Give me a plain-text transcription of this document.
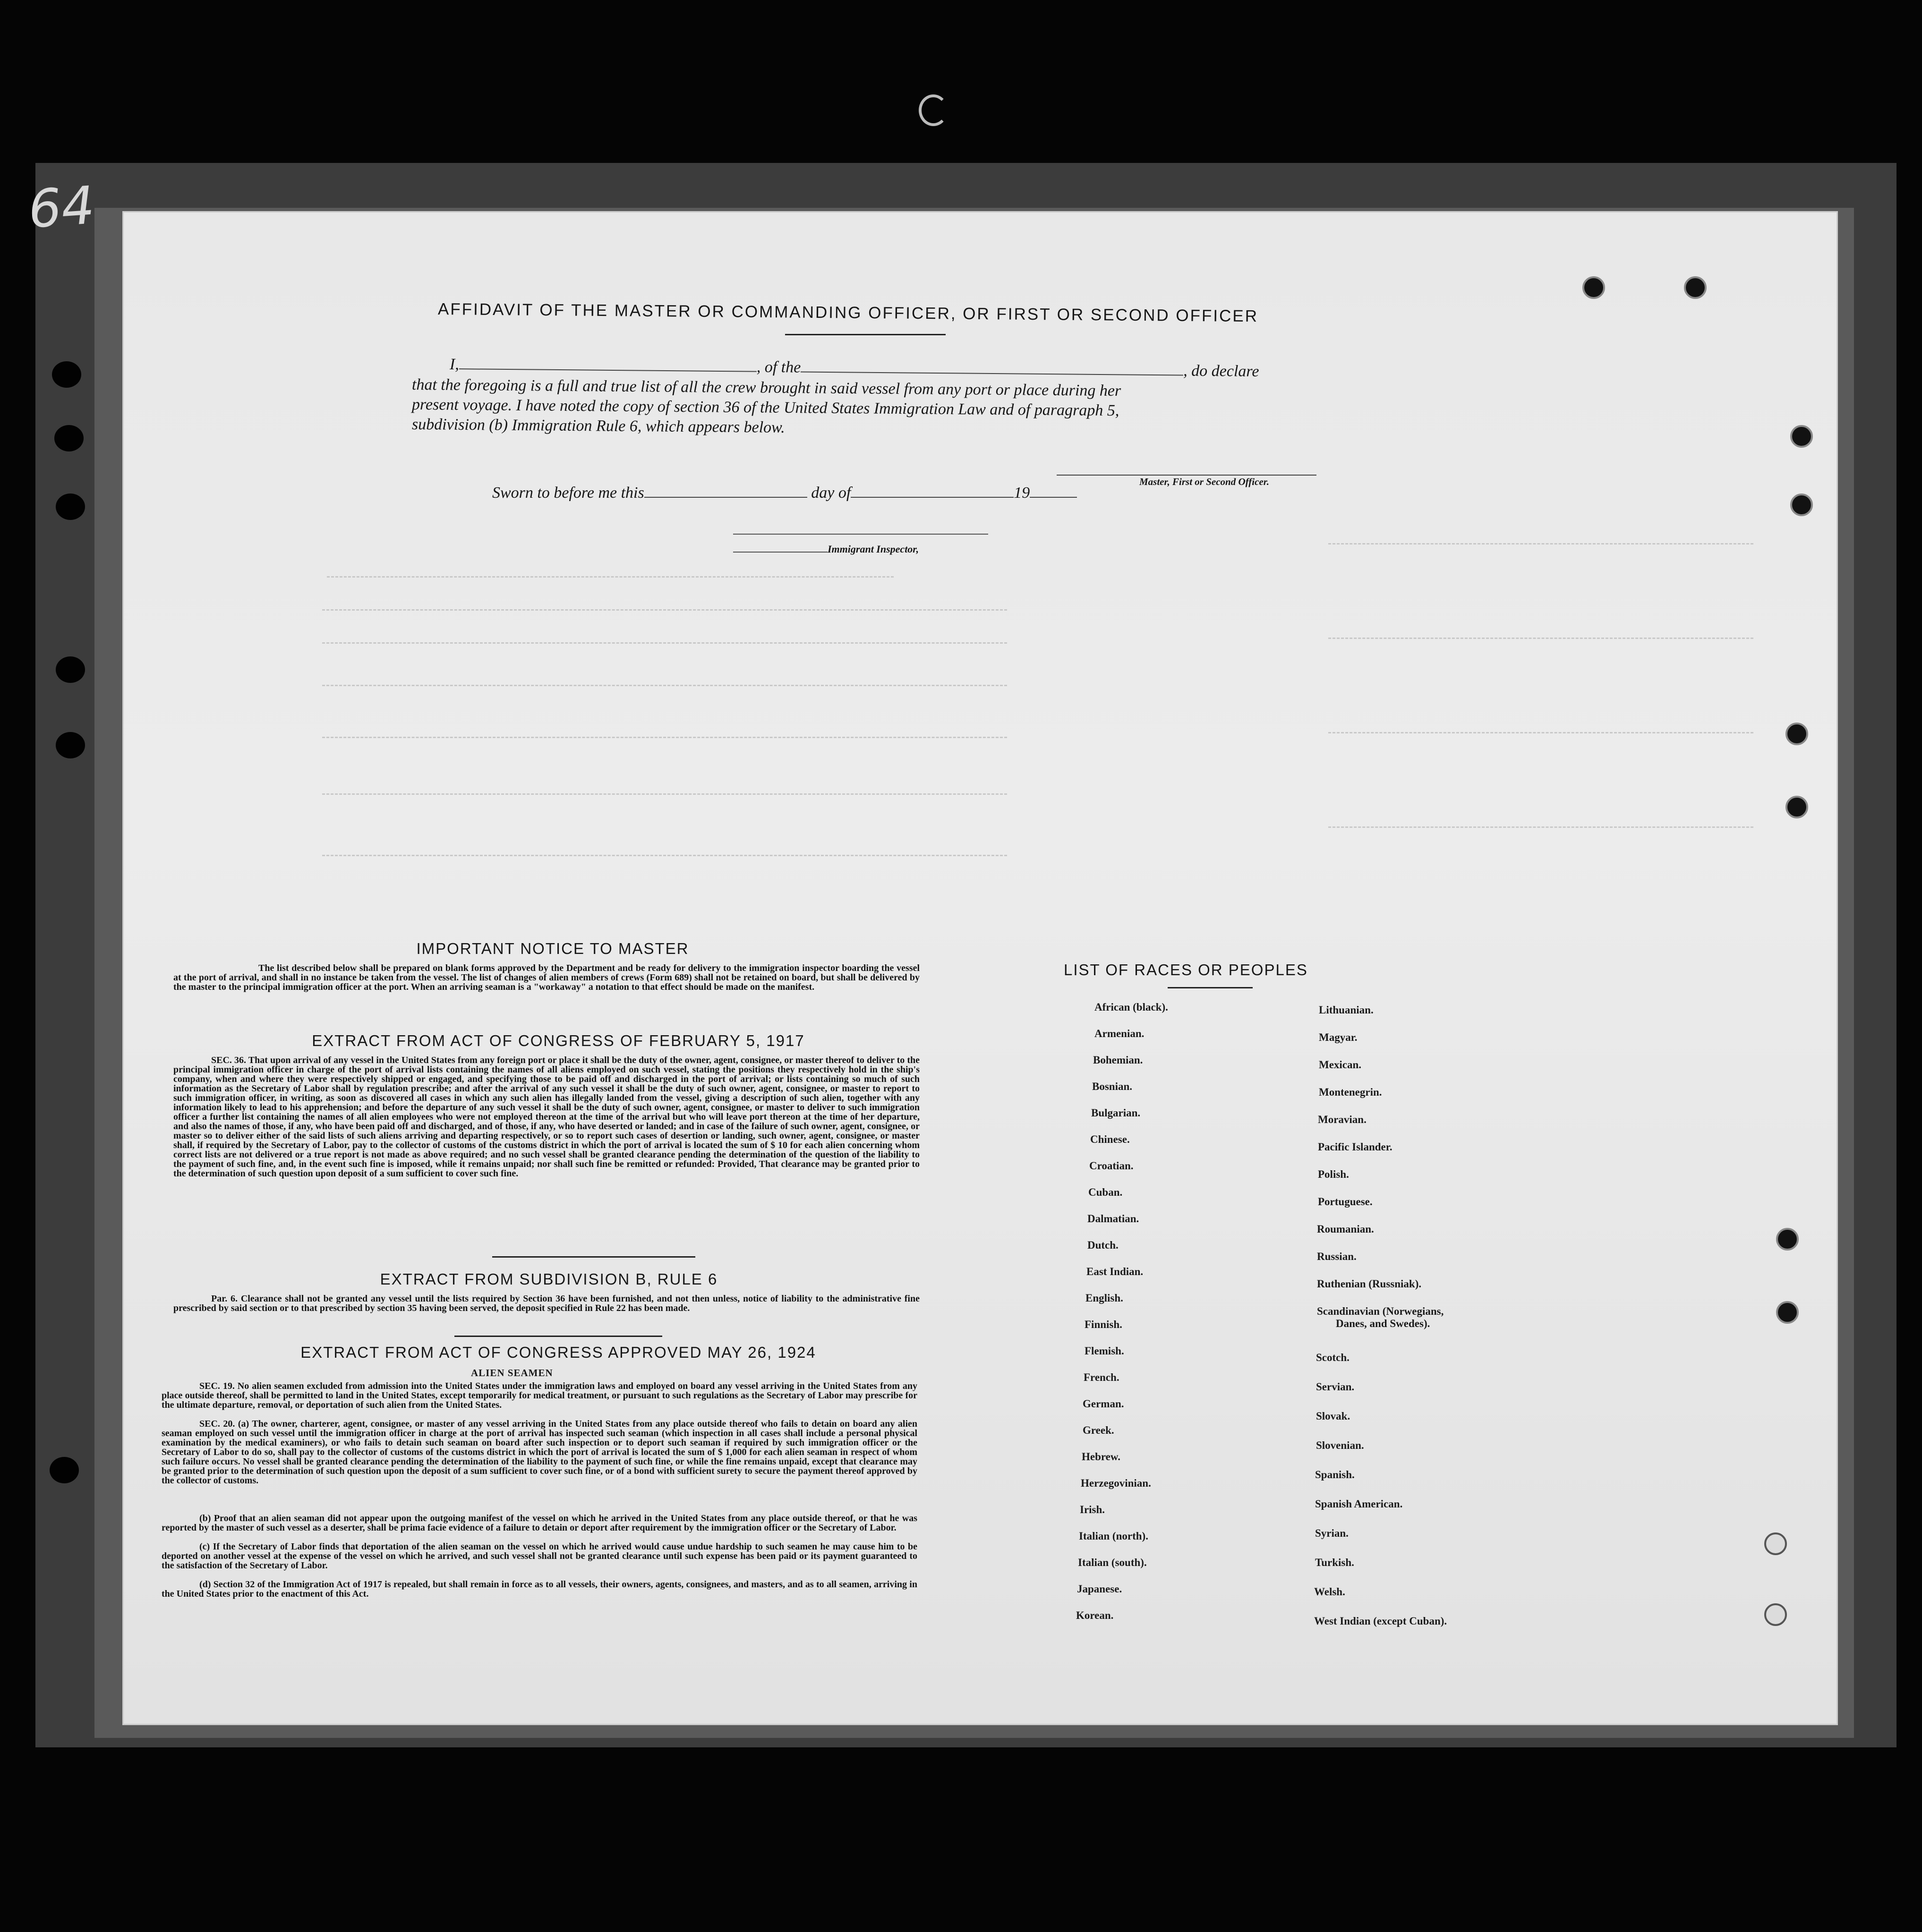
64
AFFIDAVIT OF THE MASTER OR COMMANDING OFFICER, OR FIRST OR SECOND OFFICER
I,	, of the	, do declare
that the foregoing is a full and true list of all the crew brought in said vessel from any port or place during her
present voyage. I have noted the copy of section 36 of the United States Immigration Law and of paragraph 5,
subdivision (b) Immigration Rule 6, which appears below.
Master, First or Second Officer.
Sworn to before me this	day of	19
Immigrant Inspector,
IMPORTANT NOTICE TO MASTER
The list described below shall be prepared on blank forms approved by the Department and be ready for delivery to the immigration inspector boarding the vessel at the port of arrival, and shall in no instance be taken from the vessel. The list of changes of alien members of crews (Form 689) shall not be retained on board, but shall be delivered by the master to the principal immigration officer at the port. When an arriving seaman is a "workaway" a notation to that effect should be made on the manifest.
EXTRACT FROM ACT OF CONGRESS OF FEBRUARY 5, 1917
SEC. 36. That upon arrival of any vessel in the United States from any foreign port or place it shall be the duty of the owner, agent, consignee, or master thereof to deliver to the principal immigration officer in charge of the port of arrival lists containing the names of all aliens employed on such vessel, stating the positions they respectively hold in the ship's company, when and where they were respectively shipped or engaged, and specifying those to be paid off and discharged in the port of arrival; or lists containing so much of such information as the Secretary of Labor shall by regulation prescribe; and after the arrival of any such vessel it shall be the duty of such owner, agent, consignee, or master to report to such immigration officer, in writing, as soon as discovered all cases in which any such alien has illegally landed from the vessel, giving a description of such alien, together with any information likely to lead to his apprehension; and before the departure of any such vessel it shall be the duty of such owner, agent, consignee, or master to deliver to such immigration officer a further list containing the names of all alien employees who were not employed thereon at the time of the arrival but who will leave port thereon at the time of her departure, and also the names of those, if any, who have been paid off and discharged, and of those, if any, who have deserted or landed; and in case of the failure of such owner, agent, consignee, or master so to deliver either of the said lists of such aliens arriving and departing respectively, or so to report such cases of desertion or landing, such owner, agent, consignee, or master shall, if required by the Secretary of Labor, pay to the collector of customs of the customs district in which the port of arrival is located the sum of $ 10 for each alien concerning whom correct lists are not delivered or a true report is not made as above required; and no such vessel shall be granted clearance pending the determination of the question of the liability to the payment of such fine, and, in the event such fine is imposed, while it remains unpaid; nor shall such fine be remitted or refunded: Provided, That clearance may be granted prior to the determination of such question upon deposit of a sum sufficient to cover such fine.
EXTRACT FROM SUBDIVISION B, RULE 6
Par. 6. Clearance shall not be granted any vessel until the lists required by Section 36 have been furnished, and not then unless, notice of liability to the administrative fine prescribed by said section or to that prescribed by section 35 having been served, the deposit specified in Rule 22 has been made.
EXTRACT FROM ACT OF CONGRESS APPROVED MAY 26, 1924
ALIEN SEAMEN
SEC. 19. No alien seamen excluded from admission into the United States under the immigration laws and employed on board any vessel arriving in the United States from any place outside thereof, shall be permitted to land in the United States, except temporarily for medical treatment, or pursuant to such regulations as the Secretary of Labor may prescribe for the ultimate departure, removal, or deportation of such alien from the United States.
SEC. 20. (a) The owner, charterer, agent, consignee, or master of any vessel arriving in the United States from any place outside thereof who fails to detain on board any alien seaman employed on such vessel until the immigration officer in charge at the port of arrival has inspected such seaman (which inspection in all cases shall include a personal physical examination by the medical examiners), or who fails to detain such seaman on board after such inspection or to deport such seaman if required by such immigration officer or the Secretary of Labor to do so, shall pay to the collector of customs of the customs district in which the port of arrival is located the sum of $ 1,000 for each alien seaman in respect of whom such failure occurs. No vessel shall be granted clearance pending the determination of the liability to the payment of such fine, or while the fine remains unpaid, except that clearance may be granted prior to the determination of such question upon the deposit of a sum sufficient to cover such fine, or of a bond with sufficient surety to secure the payment thereof approved by the collector of customs.
(b) Proof that an alien seaman did not appear upon the outgoing manifest of the vessel on which he arrived in the United States from any place outside thereof, or that he was reported by the master of such vessel as a deserter, shall be prima facie evidence of a failure to detain or deport after requirement by the immigration officer or the Secretary of Labor.
(c) If the Secretary of Labor finds that deportation of the alien seaman on the vessel on which he arrived would cause undue hardship to such seamen he may cause him to be deported on another vessel at the expense of the vessel on which he arrived, and such vessel shall not be granted clearance until such expense has been paid or its payment guaranteed to the satisfaction of the Secretary of Labor.
(d) Section 32 of the Immigration Act of 1917 is repealed, but shall remain in force as to all vessels, their owners, agents, consignees, and masters, and as to all seamen, arriving in the United States prior to the enactment of this Act.
LIST OF RACES OR PEOPLES
African (black).
Armenian.
Bohemian.
Bosnian.
Bulgarian.
Chinese.
Croatian.
Cuban.
Dalmatian.
Dutch.
East Indian.
English.
Finnish.
Flemish.
French.
German.
Greek.
Hebrew.
Herzegovinian.
Irish.
Italian (north).
Italian (south).
Japanese.
Korean.
Lithuanian.
Magyar.
Mexican.
Montenegrin.
Moravian.
Pacific Islander.
Polish.
Portuguese.
Roumanian.
Russian.
Ruthenian (Russniak).
Scandinavian (Norwegians,
Danes, and Swedes).
Scotch.
Servian.
Slovak.
Slovenian.
Spanish.
Spanish American.
Syrian.
Turkish.
Welsh.
West Indian (except Cuban).
